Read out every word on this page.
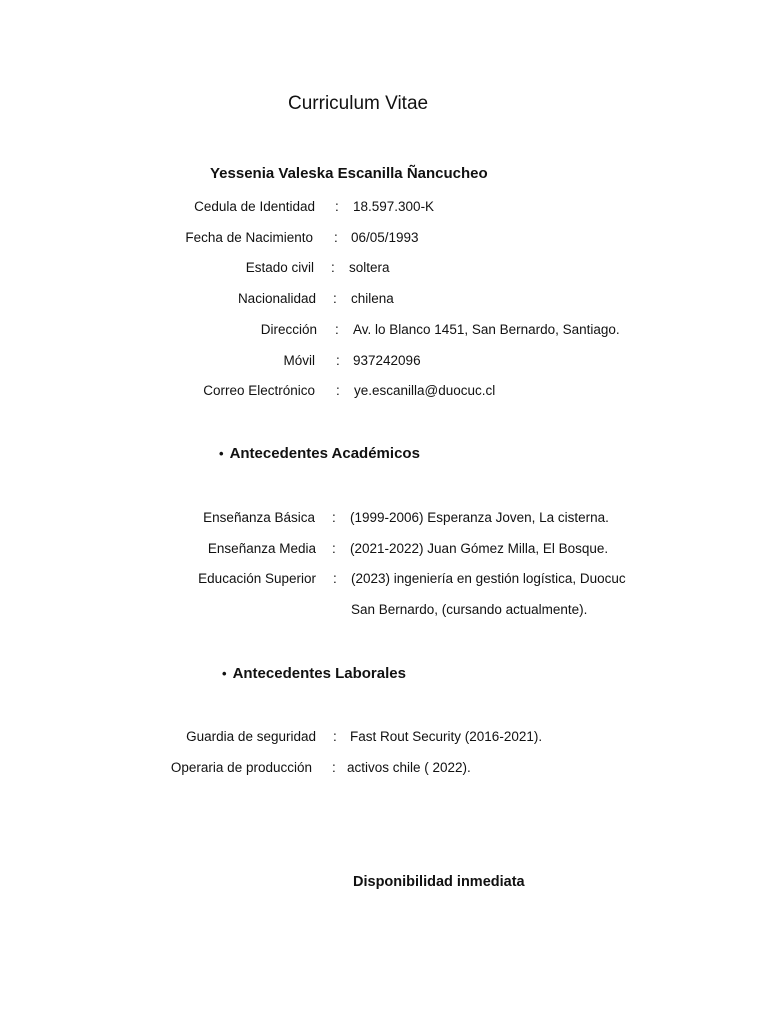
Curriculum Vitae
Yessenia Valeska Escanilla Ñancucheo
Cedula de Identidad : 18.597.300-K
Fecha de Nacimiento : 06/05/1993
Estado civil : soltera
Nacionalidad : chilena
Dirección : Av. lo Blanco 1451, San Bernardo, Santiago.
Móvil : 937242096
Correo Electrónico : ye.escanilla@duocuc.cl
• Antecedentes Académicos
Enseñanza Básica : (1999-2006) Esperanza Joven, La cisterna.
Enseñanza Media : (2021-2022) Juan Gómez Milla, El Bosque.
Educación Superior : (2023) ingeniería en gestión logística, Duocuc
San Bernardo, (cursando actualmente).
• Antecedentes Laborales
Guardia de seguridad : Fast Rout Security (2016-2021).
Operaria de producción : activos chile ( 2022).
Disponibilidad inmediata
